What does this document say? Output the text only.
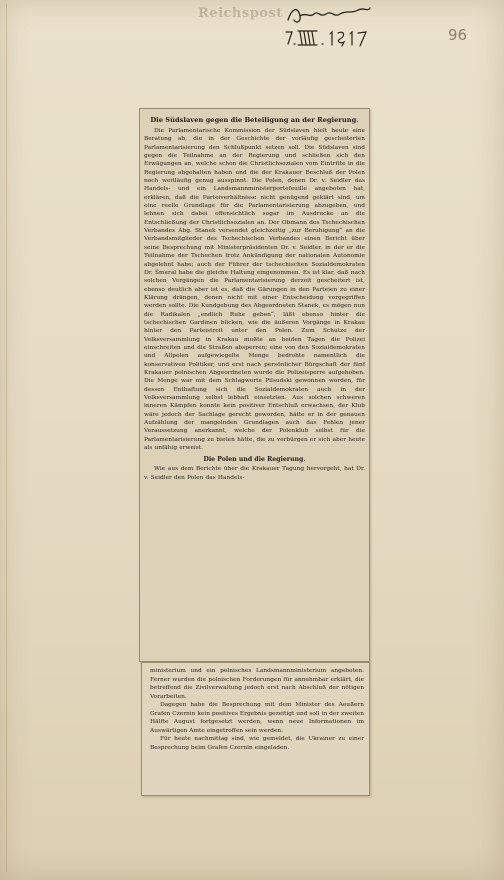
Reichspost
96
Die Südslaven gegen die Beteiligung an der Regierung.

Die Parlamentarische Kommission der Südslaven hielt heute eine Beratung ab, die in der Geschichte der vorläufig gescheiterten Parlamentarisierung den Schlußpunkt setzen soll. Die Südslaven sind gegen die Teilnahme an der Regierung und schließen sich den Erwägungen an, welche schon die Christlichsozialen vom Eintritte in die Regierung abgehalten haben und die der Krakauer Beschluß der Polen noch weitläufig genug ausspinnt. Die Polen, denen Dr. v. Seidler das Handels- und ein Landsmannministerportefeuille angeboten hat, erklären, daß die Parteiverhältnisse nicht genügend geklärt sind, um eine reelle Grundlage für die Parlamentarisierung abzugeben, und lehnen sich dabei offensichtlich sogar im Ausdrucke an die Entschließung der Christlichsozialen an. Der Obmann des Tschechischen Verbandes Abg. Stanek versendet gleichzeitig „zur Beruhigung“ an die Verbandsmitglieder des Tschechischen Verbandes einen Bericht über seine Besprechung mit Ministerpräsidenten Dr. v. Seidler, in der er die Teilnahme der Tschechen trotz Ankündigung der nationalen Autonomie abgelehnt habe; auch der Führer der tschechischen Sozialdemokraten Dr. Šmeral habe die gleiche Haltung eingenommen. Es ist klar, daß nach solchen Vorgängen die Parlamentarisierung derzeit gescheitert ist, ebenso deutlich aber ist es, daß die Gärungen in den Parteien zu einer Klärung drängen, denen nicht mit einer Entscheidung vorgegriffen werden sollte. Die Kundgebung des Abgeordneten Stanek, es mögen nun die Radikalen „endlich Ruhe geben“, läßt ebenso hinter die tschechischen Gardinen blicken, wie die äußeren Vorgänge in Krakau hinter den Parteistreit unter den Polen. Zum Schutze der Volksversammlung in Krakau mußte an beiden Tagen die Polizei einschreiten und die Straßen absperren; eine von den Sozialdemokraten und Allpolen aufgewiegelte Menge bedrohte namentlich die konservativen Politiker, und erst nach persönlicher Bürgschaft der fünf Krakauer polnischen Abgeordneten wurde die Polizeisperre aufgehoben. Die Menge war mit dem Schlagworte Pilsudski gewonnen worden, für dessen Enthaftung sich die Sozialdemokraten auch in der Volksversammlung selbst lebhaft einsetzten. Aus solchen schweren inneren Kämpfen konnte kein positiver Entschluß erwachsen, der Klub wäre jedoch der Sachlage gerecht geworden, hätte er in der genauen Aufzählung der mangelnden Grundlagen auch das Fehlen jener Voraussetzung anerkannt, welche der Polenklub selbst für die Parlamentarisierung zu bieten hätte, die zu verbürgen er sich aber heute als unfähig erweist.

Die Polen und die Regierung.

Wie aus dem Berichte über die Krakauer Tagung hervorgeht, hat Dr. v. Seidler den Polen das Handels-

ministerium und ein polnisches Landsmannministerium angeboten. Ferner wurden die polnischen Forderungen für annehmbar erklärt, die betreffend die Zivilverwaltung jedoch erst nach Abschluß der nötigen Vorarbeiten.

Dagegen habe die Besprechung mit dem Minister des Aeußern Grafen Czernin kein positives Ergebnis gezeitigt und soll in der zweiten Hälfte August fortgesetzt werden, wenn neue Informationen im Auswärtigen Amte eingetroffen sein werden.

Für heute nachmittag sind, wie gemeldet, die Ukrainer zu einer Besprechung beim Grafen Czernin eingeladen.
